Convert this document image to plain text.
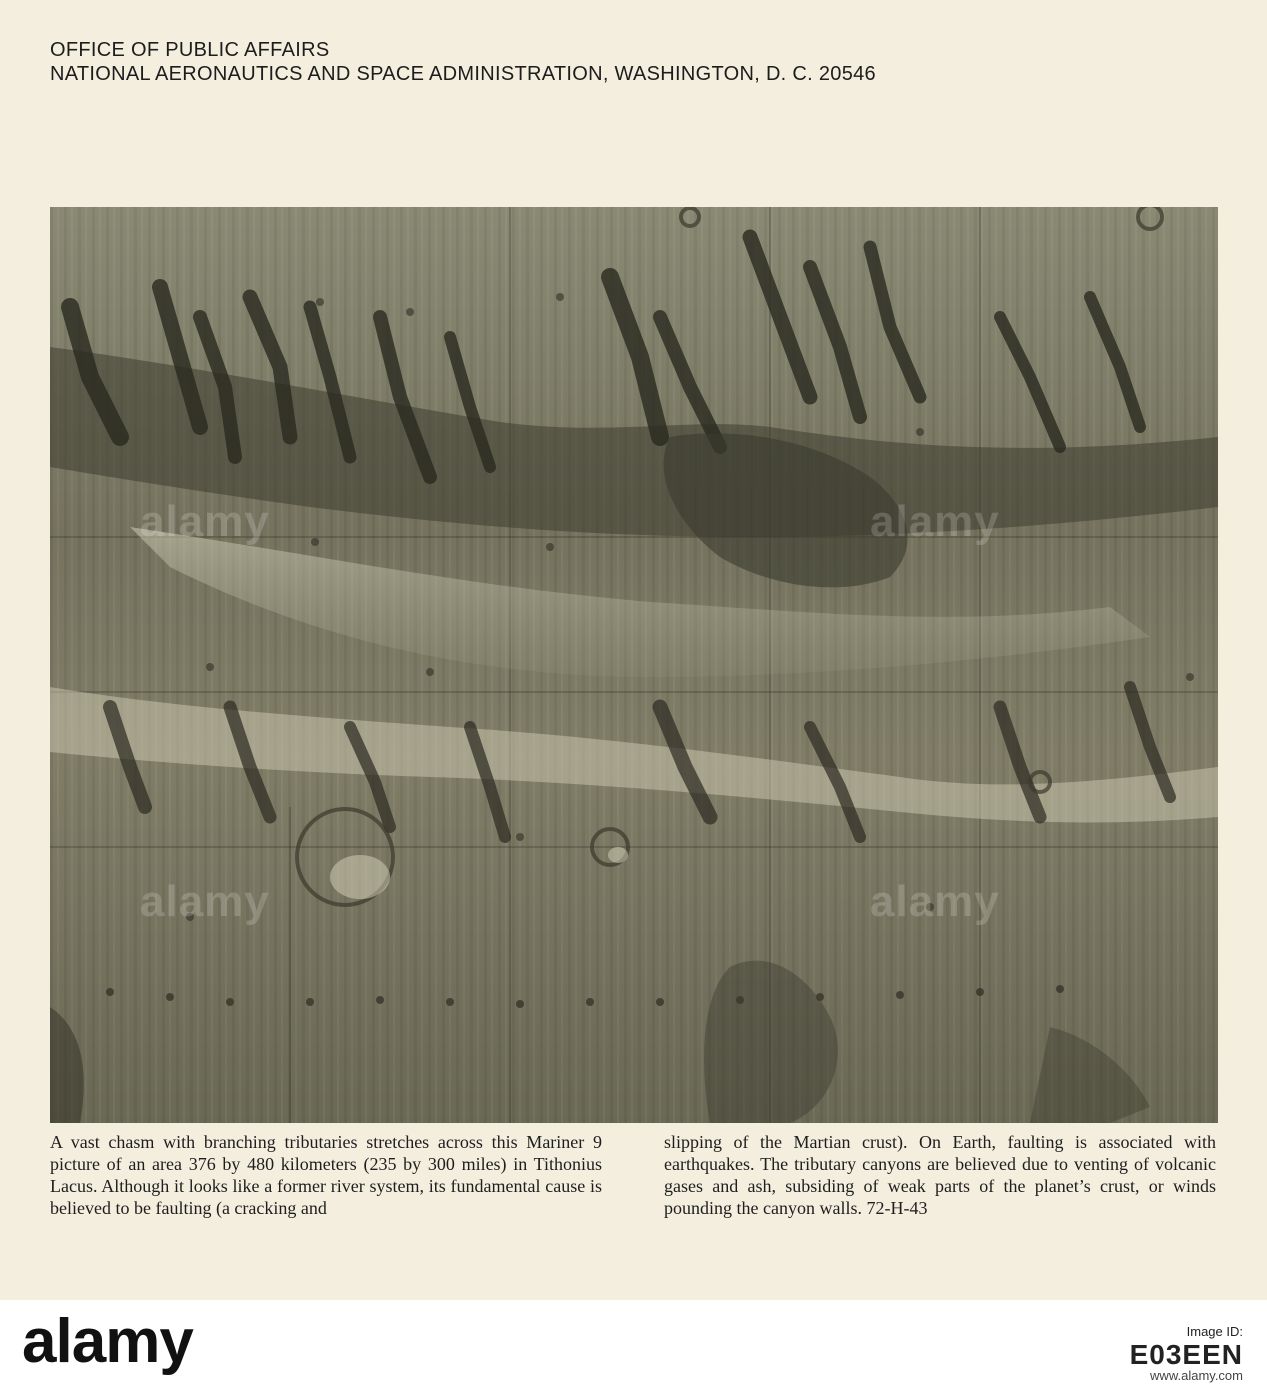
OFFICE OF PUBLIC AFFAIRS
NATIONAL AERONAUTICS AND SPACE ADMINISTRATION, WASHINGTON, D. C. 20546
A vast chasm with branching tributaries stretches across this Mariner 9 picture of an area 376 by 480 kilometers (235 by 300 miles) in Tithonius Lacus. Although it looks like a former river system, its fundamental cause is believed to be faulting (a cracking and
slipping of the Martian crust). On Earth, faulting is associated with earthquakes. The tributary canyons are believed due to venting of volcanic gases and ash, subsiding of weak parts of the planet’s crust, or winds pounding the canyon walls. 72-H-43
alamy	Image ID:
E03EEN
www.alamy.com
